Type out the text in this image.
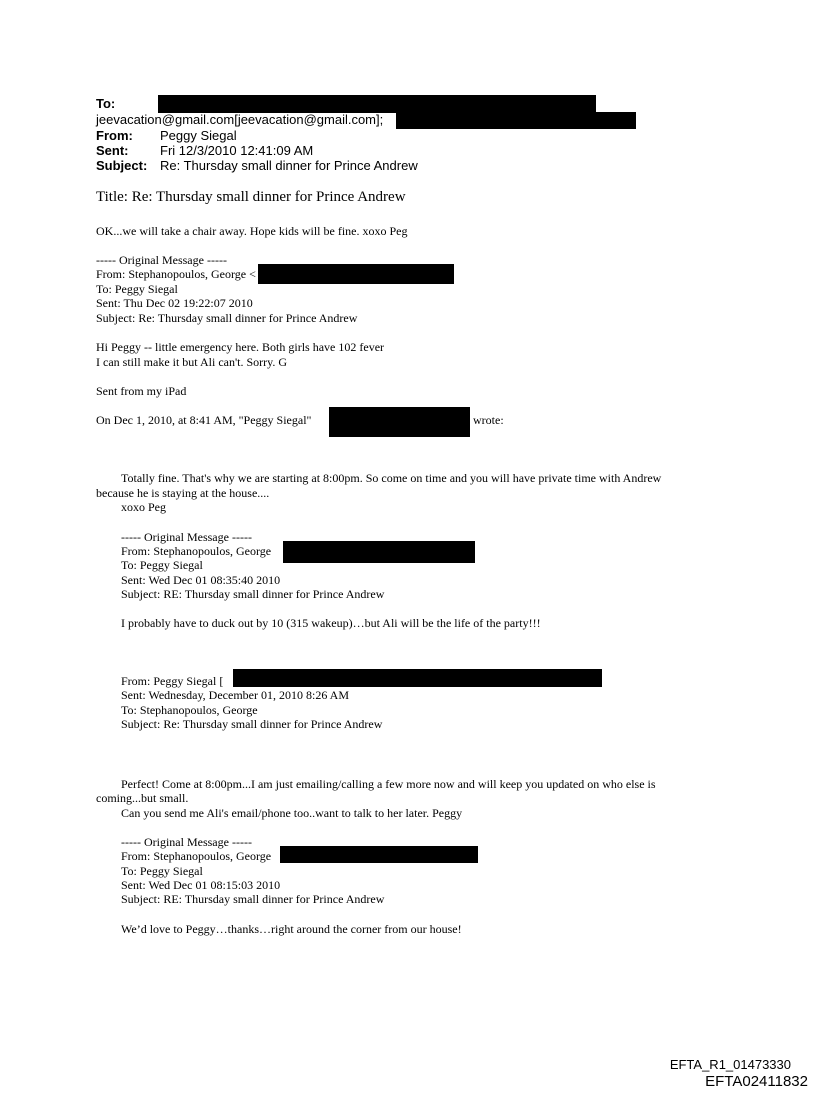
To:
jeevacation@gmail.com[jeevacation@gmail.com];
From: Peggy Siegal
Sent: Fri 12/3/2010 12:41:09 AM
Subject: Re: Thursday small dinner for Prince Andrew
Title: Re: Thursday small dinner for Prince Andrew
OK...we will take a chair away. Hope kids will be fine. xoxo Peg
----- Original Message -----
From: Stephanopoulos, George <
To: Peggy Siegal
Sent: Thu Dec 02 19:22:07 2010
Subject: Re: Thursday small dinner for Prince Andrew
Hi Peggy -- little emergency here. Both girls have 102 fever
I can still make it but Ali can't. Sorry. G
Sent from my iPad
On Dec 1, 2010, at 8:41 AM, "Peggy Siegal"	wrote:
Totally fine. That's why we are starting at 8:00pm. So come on time and you will have private time with Andrew
because he is staying at the house....
xoxo Peg
----- Original Message -----
From: Stephanopoulos, George
To: Peggy Siegal
Sent: Wed Dec 01 08:35:40 2010
Subject: RE: Thursday small dinner for Prince Andrew
I probably have to duck out by 10 (315 wakeup)…but Ali will be the life of the party!!!
From: Peggy Siegal [
Sent: Wednesday, December 01, 2010 8:26 AM
To: Stephanopoulos, George
Subject: Re: Thursday small dinner for Prince Andrew
Perfect! Come at 8:00pm...I am just emailing/calling a few more now and will keep you updated on who else is
coming...but small.
Can you send me Ali's email/phone too..want to talk to her later. Peggy
----- Original Message -----
From: Stephanopoulos, George
To: Peggy Siegal
Sent: Wed Dec 01 08:15:03 2010
Subject: RE: Thursday small dinner for Prince Andrew
We’d love to Peggy…thanks…right around the corner from our house!
EFTA_R1_01473330
EFTA02411832
